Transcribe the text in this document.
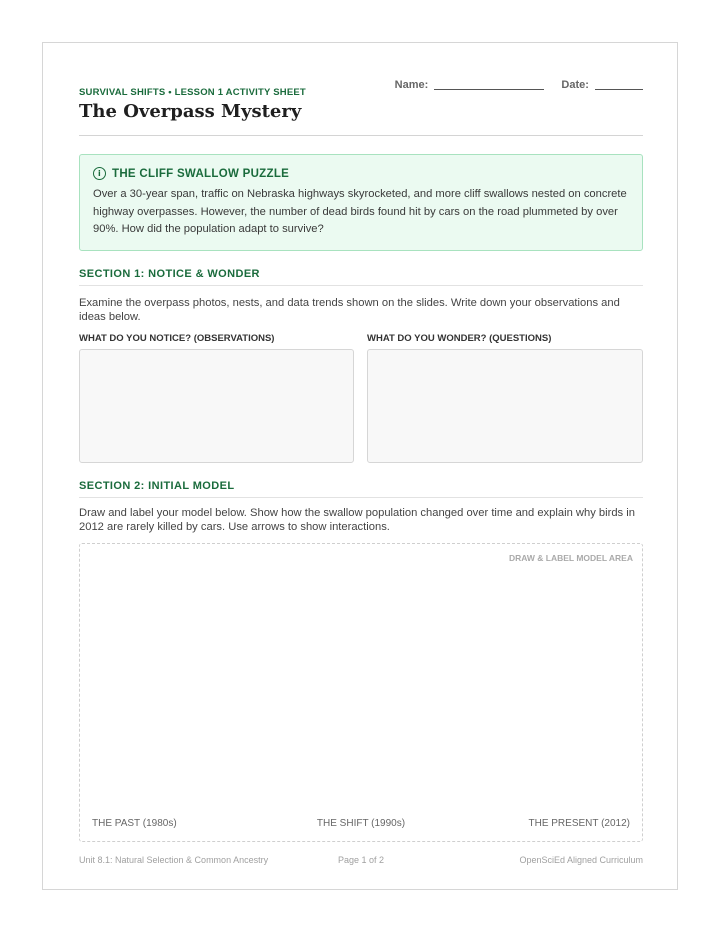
SURVIVAL SHIFTS • LESSON 1 ACTIVITY SHEET
The Overpass Mystery
Name:	Date:
i THE CLIFF SWALLOW PUZZLE
Over a 30-year span, traffic on Nebraska highways skyrocketed, and more cliff swallows nested on concrete highway overpasses. However, the number of dead birds found hit by cars on the road plummeted by over 90%. How did the population adapt to survive?
SECTION 1: NOTICE & WONDER
Examine the overpass photos, nests, and data trends shown on the slides. Write down your observations and ideas below.
WHAT DO YOU NOTICE? (OBSERVATIONS)	WHAT DO YOU WONDER? (QUESTIONS)
SECTION 2: INITIAL MODEL
Draw and label your model below. Show how the swallow population changed over time and explain why birds in 2012 are rarely killed by cars. Use arrows to show interactions.
DRAW & LABEL MODEL AREA
THE PAST (1980s)	THE SHIFT (1990s)	THE PRESENT (2012)
Unit 8.1: Natural Selection & Common Ancestry	Page 1 of 2	OpenSciEd Aligned Curriculum
